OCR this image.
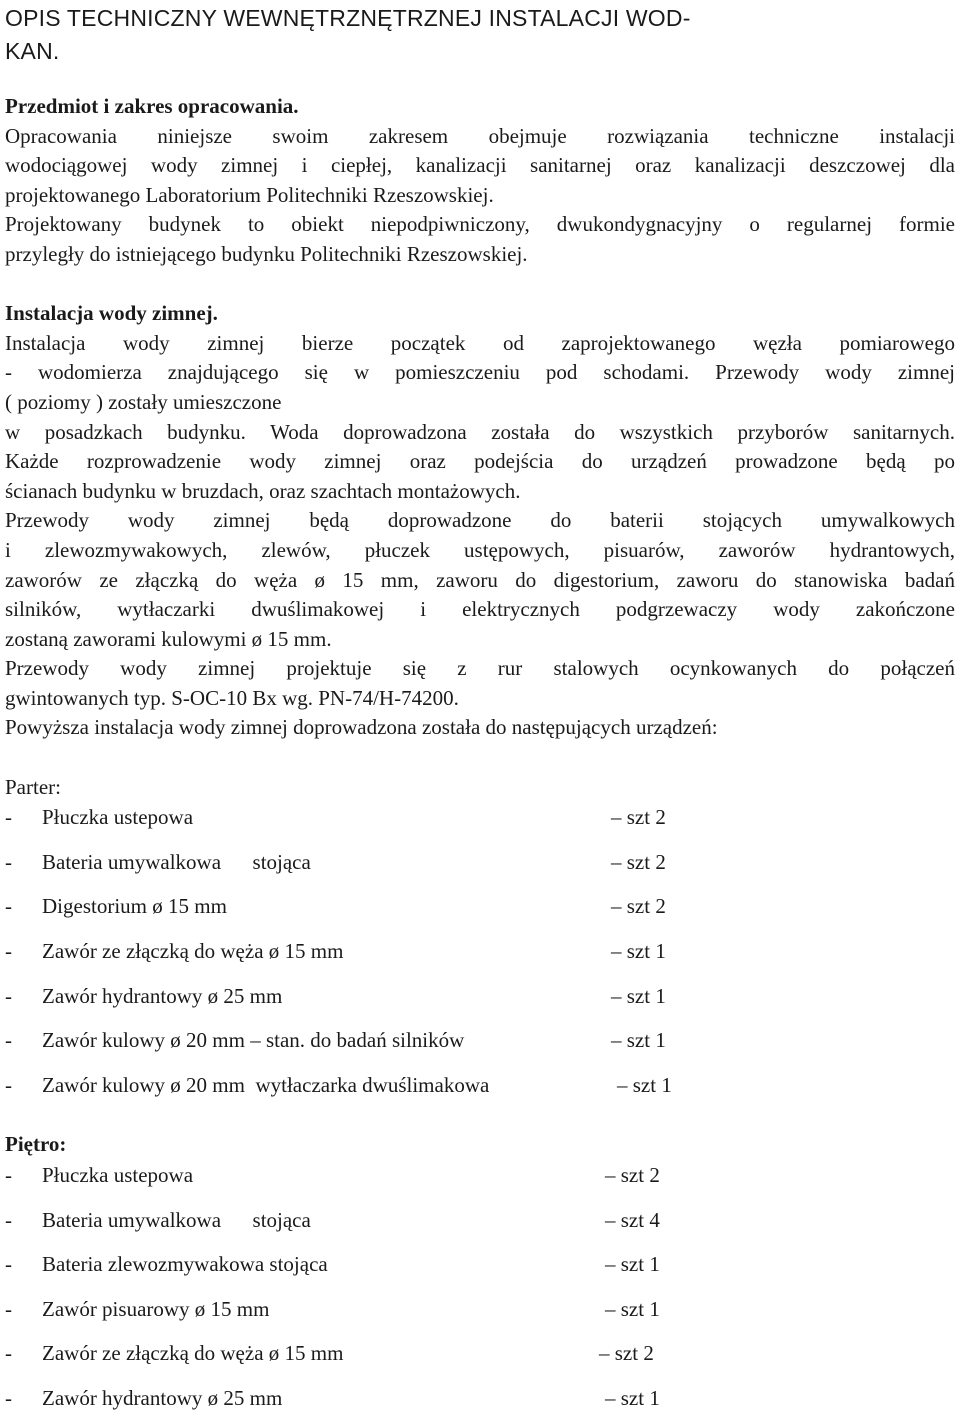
OPIS TECHNICZNY WEWNĘTRZNĘTRZNEJ INSTALACJI WOD-
KAN.
Przedmiot i zakres opracowania.

Opracowania niniejsze swoim zakresem obejmuje rozwiązania techniczne instalacji
wodociągowej wody zimnej i ciepłej, kanalizacji sanitarnej oraz kanalizacji deszczowej dla
projektowanego Laboratorium Politechniki Rzeszowskiej.
Projektowany budynek to obiekt niepodpiwniczony, dwukondygnacyjny o regularnej formie
przyległy do istniejącego budynku Politechniki Rzeszowskiej.

Instalacja wody zimnej.

Instalacja wody zimnej bierze początek od zaprojektowanego węzła pomiarowego
- wodomierza znajdującego się w pomieszczeniu pod schodami. Przewody wody zimnej
( poziomy ) zostały umieszczone
w posadzkach budynku. Woda doprowadzona została do wszystkich przyborów sanitarnych.
Każde rozprowadzenie wody zimnej oraz podejścia do urządzeń prowadzone będą po
ścianach budynku w bruzdach, oraz szachtach montażowych.
Przewody wody zimnej będą doprowadzone do baterii stojących umywalkowych
i zlewozmywakowych, zlewów, płuczek ustępowych, pisuarów, zaworów hydrantowych,
zaworów ze złączką do węża ø 15 mm, zaworu do digestorium, zaworu do stanowiska badań
silników, wytłaczarki dwuślimakowej i elektrycznych podgrzewaczy wody zakończone
zostaną zaworami kulowymi ø 15 mm.
Przewody wody zimnej projektuje się z rur stalowych ocynkowanych do połączeń
gwintowanych typ. S-OC-10 Bx wg. PN-74/H-74200.
Powyższa instalacja wody zimnej doprowadzona została do następujących urządzeń:

Parter:
- Płuczka ustepowa	– szt 2
- Bateria umywalkowa      stojąca	– szt 2
- Digestorium ø 15 mm	– szt 2
- Zawór ze złączką do węża ø 15 mm	– szt 1
- Zawór hydrantowy ø 25 mm	– szt 1
- Zawór kulowy ø 20 mm – stan. do badań silników	– szt 1
- Zawór kulowy ø 20 mm  wytłaczarka dwuślimakowa	– szt 1
Piętro:
- Płuczka ustepowa	– szt 2
- Bateria umywalkowa      stojąca	– szt 4
- Bateria zlewozmywakowa stojąca	– szt 1
- Zawór pisuarowy ø 15 mm	– szt 1
- Zawór ze złączką do węża ø 15 mm	– szt 2
- Zawór hydrantowy ø 25 mm	– szt 1
